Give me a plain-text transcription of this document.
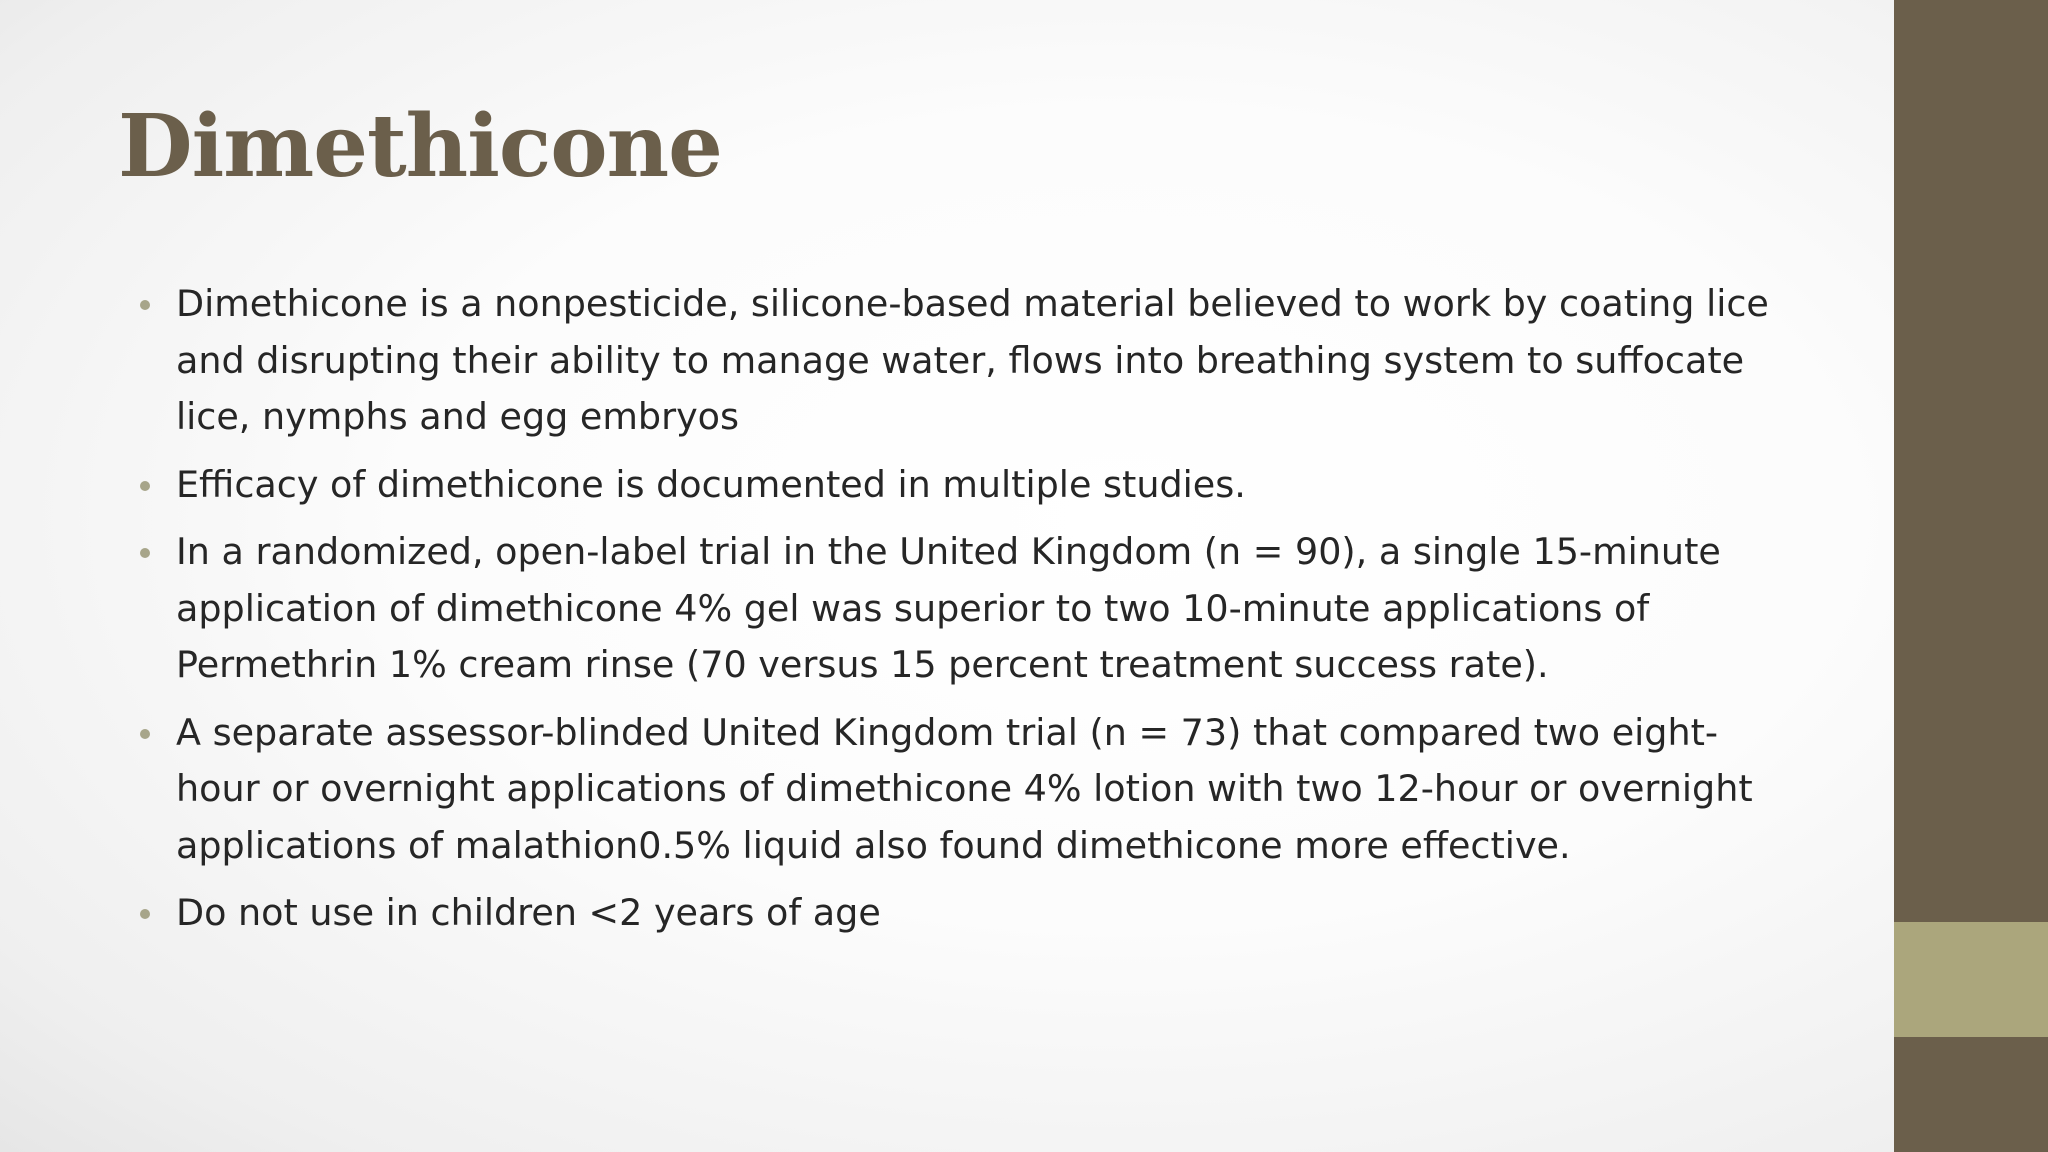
Dimethicone
Dimethicone is a nonpesticide, silicone-based material believed to work by coating lice and disrupting their ability to manage water, flows into breathing system to suffocate lice, nymphs and egg embryos
Efficacy of dimethicone is documented in multiple studies.
In a randomized, open-label trial in the United Kingdom (n = 90), a single 15-minute application of dimethicone 4% gel was superior to two 10-minute applications of Permethrin 1% cream rinse (70 versus 15 percent treatment success rate).
A separate assessor-blinded United Kingdom trial (n = 73) that compared two eight-hour or overnight applications of dimethicone 4% lotion with two 12-hour or overnight applications of malathion0.5% liquid also found dimethicone more effective.
Do not use in children <2 years of age
